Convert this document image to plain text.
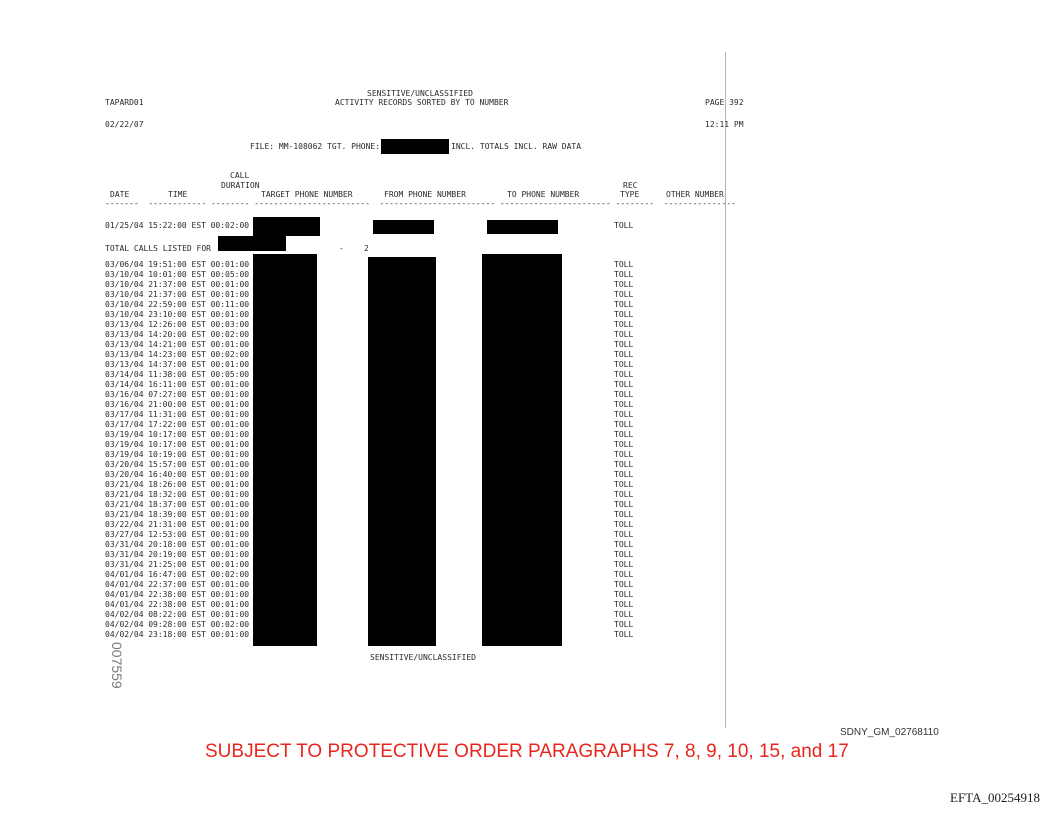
TAPARD01
SENSITIVE/UNCLASSIFIED
ACTIVITY RECORDS SORTED BY TO NUMBER	PAGE 392
02/22/07	12:11 PM
FILE: MM-108062 TGT. PHONE:	INCL. TOTALS INCL. RAW DATA
CALL
DURATION
DATE	TIME	TARGET PHONE NUMBER	FROM PHONE NUMBER	TO PHONE NUMBER
REC
TYPE	OTHER NUMBER
-------  ------------ -------- ------------------------  ------------------------ ----------------------- --------  ---------------
01/25/04 15:22:00 EST 00:02:00	TOLL
TOTAL CALLS LISTED FOR	-	2
03/06/04 19:51:00 EST 00:01:00	TOLL
03/10/04 10:01:00 EST 00:05:00	TOLL
03/10/04 21:37:00 EST 00:01:00	TOLL
03/10/04 21:37:00 EST 00:01:00	TOLL
03/10/04 22:59:00 EST 00:11:00	TOLL
03/10/04 23:10:00 EST 00:01:00	TOLL
03/13/04 12:26:00 EST 00:03:00	TOLL
03/13/04 14:20:00 EST 00:02:00	TOLL
03/13/04 14:21:00 EST 00:01:00	TOLL
03/13/04 14:23:00 EST 00:02:00	TOLL
03/13/04 14:37:00 EST 00:01:00	TOLL
03/14/04 11:38:00 EST 00:05:00	TOLL
03/14/04 16:11:00 EST 00:01:00	TOLL
03/16/04 07:27:00 EST 00:01:00	TOLL
03/16/04 21:00:00 EST 00:01:00	TOLL
03/17/04 11:31:00 EST 00:01:00	TOLL
03/17/04 17:22:00 EST 00:01:00	TOLL
03/19/04 10:17:00 EST 00:01:00	TOLL
03/19/04 10:17:00 EST 00:01:00	TOLL
03/19/04 10:19:00 EST 00:01:00	TOLL
03/20/04 15:57:00 EST 00:01:00	TOLL
03/20/04 16:40:00 EST 00:01:00	TOLL
03/21/04 18:26:00 EST 00:01:00	TOLL
03/21/04 18:32:00 EST 00:01:00	TOLL
03/21/04 18:37:00 EST 00:01:00	TOLL
03/21/04 18:39:00 EST 00:01:00	TOLL
03/22/04 21:31:00 EST 00:01:00	TOLL
03/27/04 12:53:00 EST 00:01:00	TOLL
03/31/04 20:18:00 EST 00:01:00	TOLL
03/31/04 20:19:00 EST 00:01:00	TOLL
03/31/04 21:25:00 EST 00:01:00	TOLL
04/01/04 16:47:00 EST 00:02:00	TOLL
04/01/04 22:37:00 EST 00:01:00	TOLL
04/01/04 22:38:00 EST 00:01:00	TOLL
04/01/04 22:38:00 EST 00:01:00	TOLL
04/02/04 08:22:00 EST 00:01:00	TOLL
04/02/04 09:28:00 EST 00:02:00	TOLL
04/02/04 23:18:00 EST 00:01:00	TOLL
SENSITIVE/UNCLASSIFIED
007559
SDNY_GM_02768110
SUBJECT TO PROTECTIVE ORDER PARAGRAPHS 7, 8, 9, 10, 15, and 17
EFTA_00254918
